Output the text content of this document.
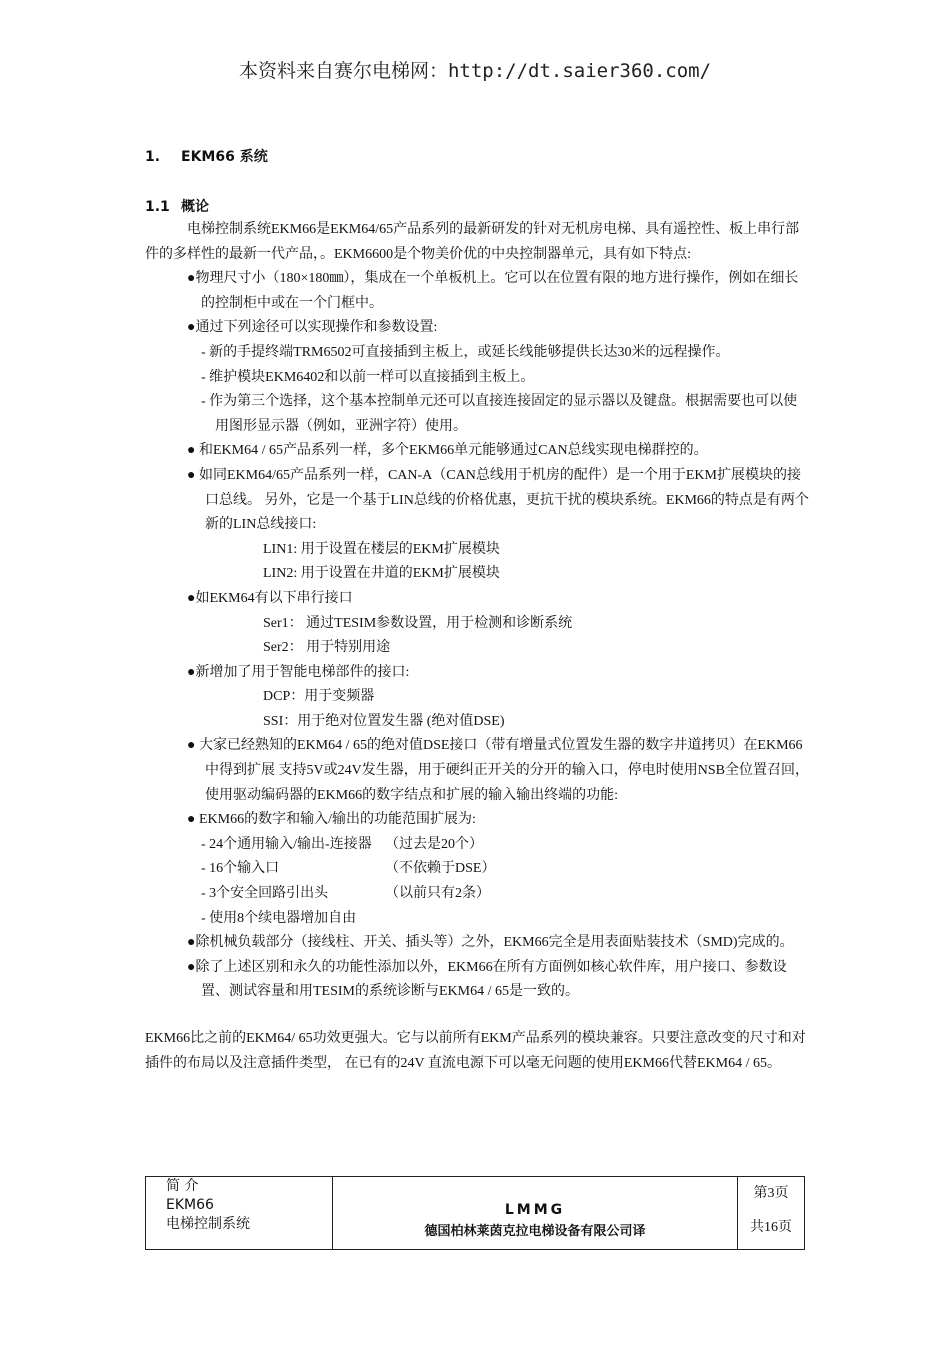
本资料来自赛尔电梯网：http://dt.saier360.com/
1. EKM66 系统
1.1 概论

电梯控制系统EKM66是EKM64/65产品系列的最新研发的针对无机房电梯、具有遥控性、板上串行部件的多样性的最新一代产品，。EKM6600是个物美价优的中央控制器单元，具有如下特点:

●物理尺寸小（180×180㎜），集成在一个单板机上。它可以在位置有限的地方进行操作，例如在细长的控制柜中或在一个门框中。

●通过下列途径可以实现操作和参数设置:

- 新的手提终端TRM6502可直接插到主板上，或延长线能够提供长达30米的远程操作。

- 维护模块EKM6402和以前一样可以直接插到主板上。

- 作为第三个选择，这个基本控制单元还可以直接连接固定的显示器以及键盘。根据需要也可以使用图形显示器（例如，亚洲字符）使用。

● 和EKM64 / 65产品系列一样，多个EKM66单元能够通过CAN总线实现电梯群控的。

● 如同EKM64/65产品系列一样，CAN-A（CAN总线用于机房的配件）是一个用于EKM扩展模块的接口总线。 另外，它是一个基于LIN总线的价格优惠，更抗干扰的模块系统。EKM66的特点是有两个新的LIN总线接口:

LIN1: 用于设置在楼层的EKM扩展模块

LIN2: 用于设置在井道的EKM扩展模块

●如EKM64有以下串行接口

Ser1： 通过TESIM参数设置，用于检测和诊断系统

Ser2： 用于特别用途

●新增加了用于智能电梯部件的接口:

DCP：用于变频器

SSI：用于绝对位置发生器 (绝对值DSE)

● 大家已经熟知的EKM64 / 65的绝对值DSE接口（带有增量式位置发生器的数字井道拷贝）在EKM66中得到扩展 支持5V或24V发生器，用于硬纠正开关的分开的输入口，停电时使用NSB全位置召回，使用驱动编码器的EKM66的数字结点和扩展的输入输出终端的功能:

● EKM66的数字和输入/输出的功能范围扩展为:

- 24个通用输入/输出-连接器 （过去是20个）

- 16个输入口	（不依赖于DSE）

- 3个安全回路引出头	（以前只有2条）

- 使用8个续电器增加自由

●除机械负载部分（接线柱、开关、插头等）之外，EKM66完全是用表面贴装技术（SMD)完成的。

●除了上述区别和永久的功能性添加以外，EKM66在所有方面例如核心软件库，用户接口、参数设置、测试容量和用TESIM的系统诊断与EKM64 / 65是一致的。

EKM66比之前的EKM64/ 65功效更强大。它与以前所有EKM产品系列的模块兼容。只要注意改变的尺寸和对插件的布局以及注意插件类型， 在已有的24V 直流电源下可以毫无问题的使用EKM66代替EKM64 / 65。

简 介
EKM66
电梯控制系统

LMMG
德国柏林莱茵克拉电梯设备有限公司译

第3页
共16页
